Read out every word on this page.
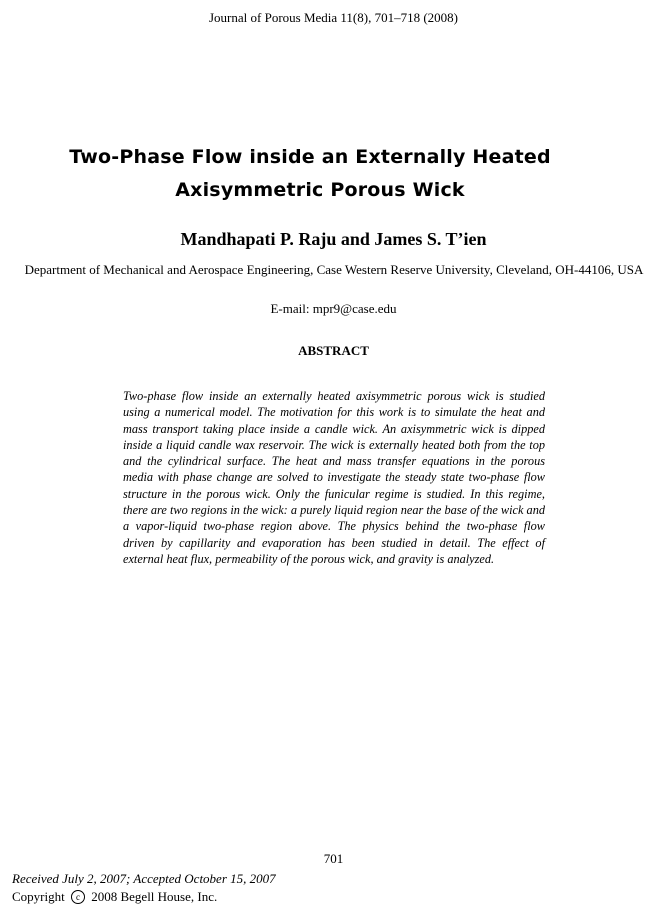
Journal of Porous Media 11(8), 701–718 (2008)
Two-Phase Flow inside an Externally Heated
Axisymmetric Porous Wick
Mandhapati P. Raju and James S. T’ien
Department of Mechanical and Aerospace Engineering, Case Western Reserve University, Cleveland, OH-44106, USA
E-mail: mpr9@case.edu
ABSTRACT
Two-phase flow inside an externally heated axisymmetric porous wick is studied using a numerical model. The motivation for this work is to simulate the heat and mass transport taking place inside a candle wick. An axisymmetric wick is dipped inside a liquid candle wax reservoir. The wick is externally heated both from the top and the cylindrical surface. The heat and mass transfer equations in the porous media with phase change are solved to investigate the steady state two-phase flow structure in the porous wick. Only the funicular regime is studied. In this regime, there are two regions in the wick: a purely liquid region near the base of the wick and a vapor-liquid two-phase region above. The physics behind the two-phase flow driven by capillarity and evaporation has been studied in detail. The effect of external heat flux, permeability of the porous wick, and gravity is analyzed.
701
Received July 2, 2007; Accepted October 15, 2007
Copyright c 2008 Begell House, Inc.
